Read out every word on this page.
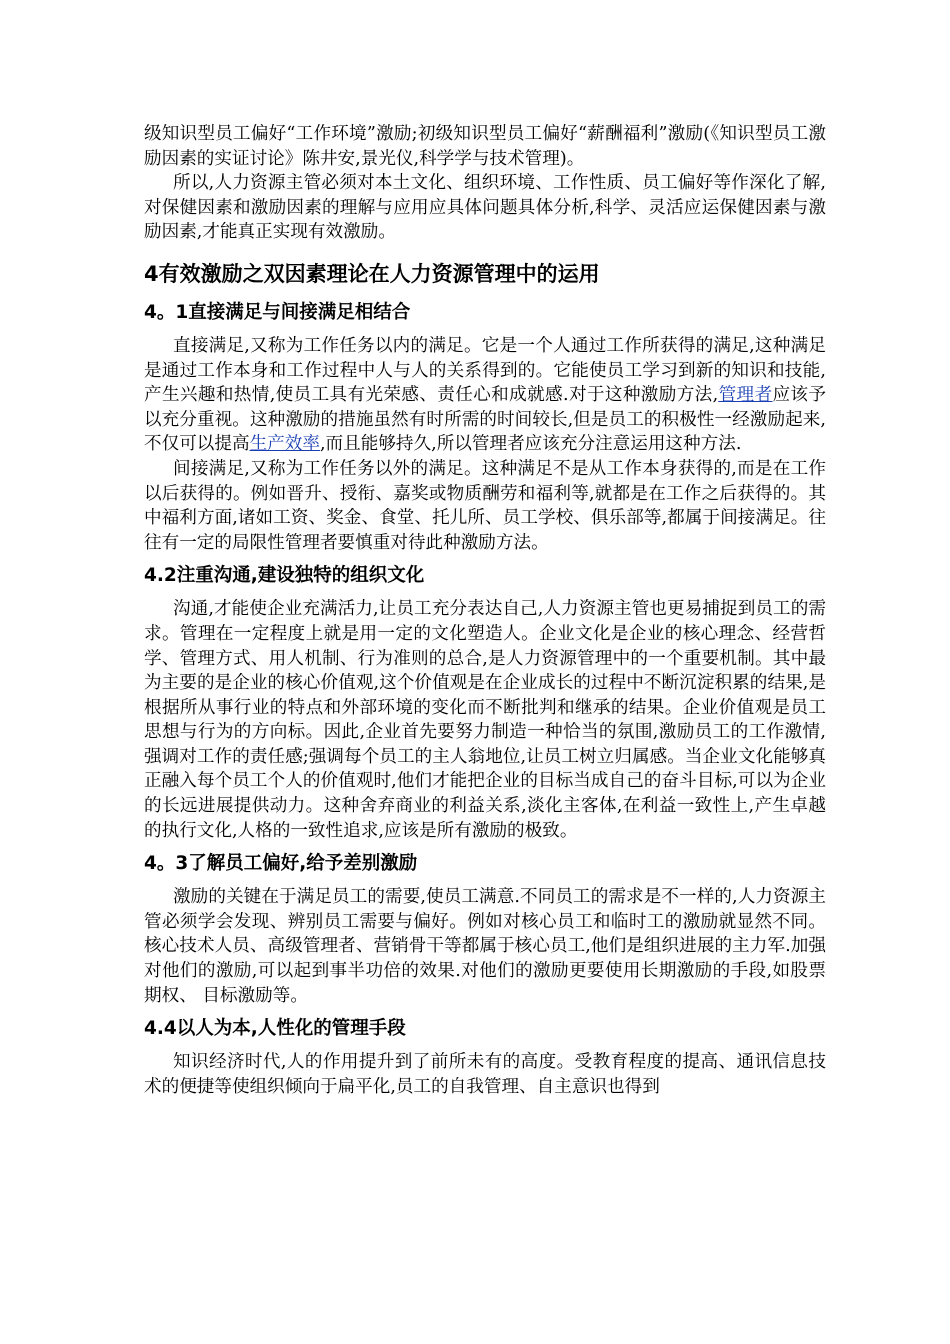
级知识型员工偏好“工作环境”激励;初级知识型员工偏好“薪酬福利”激励(《知识型员工激励因素的实证讨论》陈井安,景光仪,科学学与技术管理)。

所以,人力资源主管必须对本土文化、组织环境、工作性质、员工偏好等作深化了解,对保健因素和激励因素的理解与应用应具体问题具体分析,科学、灵活应运保健因素与激励因素,才能真正实现有效激励。

4有效激励之双因素理论在人力资源管理中的运用
4。1直接满足与间接满足相结合

直接满足,又称为工作任务以内的满足。它是一个人通过工作所获得的满足,这种满足是通过工作本身和工作过程中人与人的关系得到的。它能使员工学习到新的知识和技能,产生兴趣和热情,使员工具有光荣感、责任心和成就感.对于这种激励方法,管理者应该予以充分重视。这种激励的措施虽然有时所需的时间较长,但是员工的积极性一经激励起来,不仅可以提高生产效率,而且能够持久,所以管理者应该充分注意运用这种方法.

间接满足,又称为工作任务以外的满足。这种满足不是从工作本身获得的,而是在工作以后获得的。例如晋升、授衔、嘉奖或物质酬劳和福利等,就都是在工作之后获得的。其中福利方面,诸如工资、奖金、食堂、托儿所、员工学校、俱乐部等,都属于间接满足。往往有一定的局限性管理者要慎重对待此种激励方法。

4.2注重沟通,建设独特的组织文化

沟通,才能使企业充满活力,让员工充分表达自己,人力资源主管也更易捕捉到员工的需求。管理在一定程度上就是用一定的文化塑造人。企业文化是企业的核心理念、经营哲学、管理方式、用人机制、行为准则的总合,是人力资源管理中的一个重要机制。其中最为主要的是企业的核心价值观,这个价值观是在企业成长的过程中不断沉淀积累的结果,是根据所从事行业的特点和外部环境的变化而不断批判和继承的结果。企业价值观是员工思想与行为的方向标。因此,企业首先要努力制造一种恰当的氛围,激励员工的工作激情,强调对工作的责任感;强调每个员工的主人翁地位,让员工树立归属感。当企业文化能够真正融入每个员工个人的价值观时,他们才能把企业的目标当成自己的奋斗目标,可以为企业的长远进展提供动力。这种舍弃商业的利益关系,淡化主客体,在利益一致性上,产生卓越的执行文化,人格的一致性追求,应该是所有激励的极致。

4。3了解员工偏好,给予差别激励

激励的关键在于满足员工的需要,使员工满意.不同员工的需求是不一样的,人力资源主管必须学会发现、辨别员工需要与偏好。例如对核心员工和临时工的激励就显然不同。核心技术人员、高级管理者、营销骨干等都属于核心员工,他们是组织进展的主力军.加强对他们的激励,可以起到事半功倍的效果.对他们的激励更要使用长期激励的手段,如股票期权、 目标激励等。

4.4以人为本,人性化的管理手段

知识经济时代,人的作用提升到了前所未有的高度。受教育程度的提高、通讯信息技术的便捷等使组织倾向于扁平化,员工的自我管理、自主意识也得到
